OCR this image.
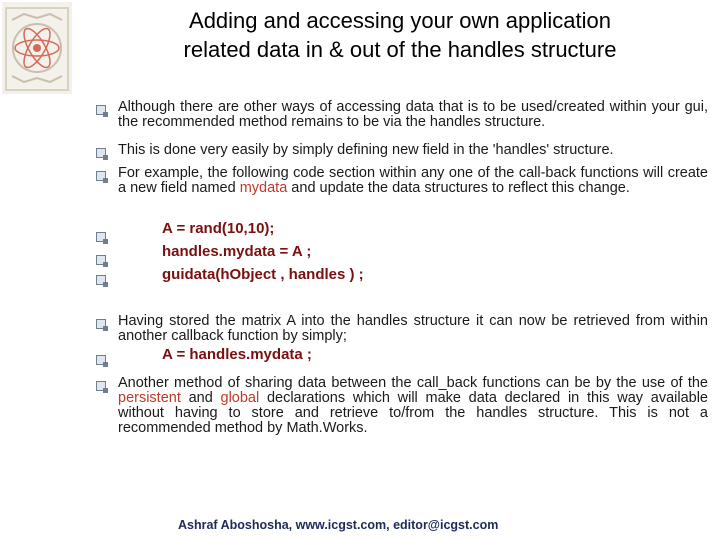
Adding and accessing your own application
related data in & out of the handles structure
Although there are other ways of accessing data that is to be used/created within your gui, the recommended method remains to be via the handles structure.
This is done very easily by simply defining new field in the 'handles' structure.
For example, the following code section within any one of the call-back functions will create a new field named mydata and update the data structures to reflect this change.
A = rand(10,10);
handles.mydata = A ;
guidata(hObject , handles ) ;
Having stored the matrix A into the handles structure it can now be retrieved from within another callback function by simply;
A = handles.mydata ;
Another method of sharing data between the call_back functions can be by the use of the persistent and global declarations which will make data declared in this way available without having to store and retrieve to/from the handles structure. This is not a recommended method by Math.Works.
Ashraf Aboshosha, www.icgst.com, editor@icgst.com
